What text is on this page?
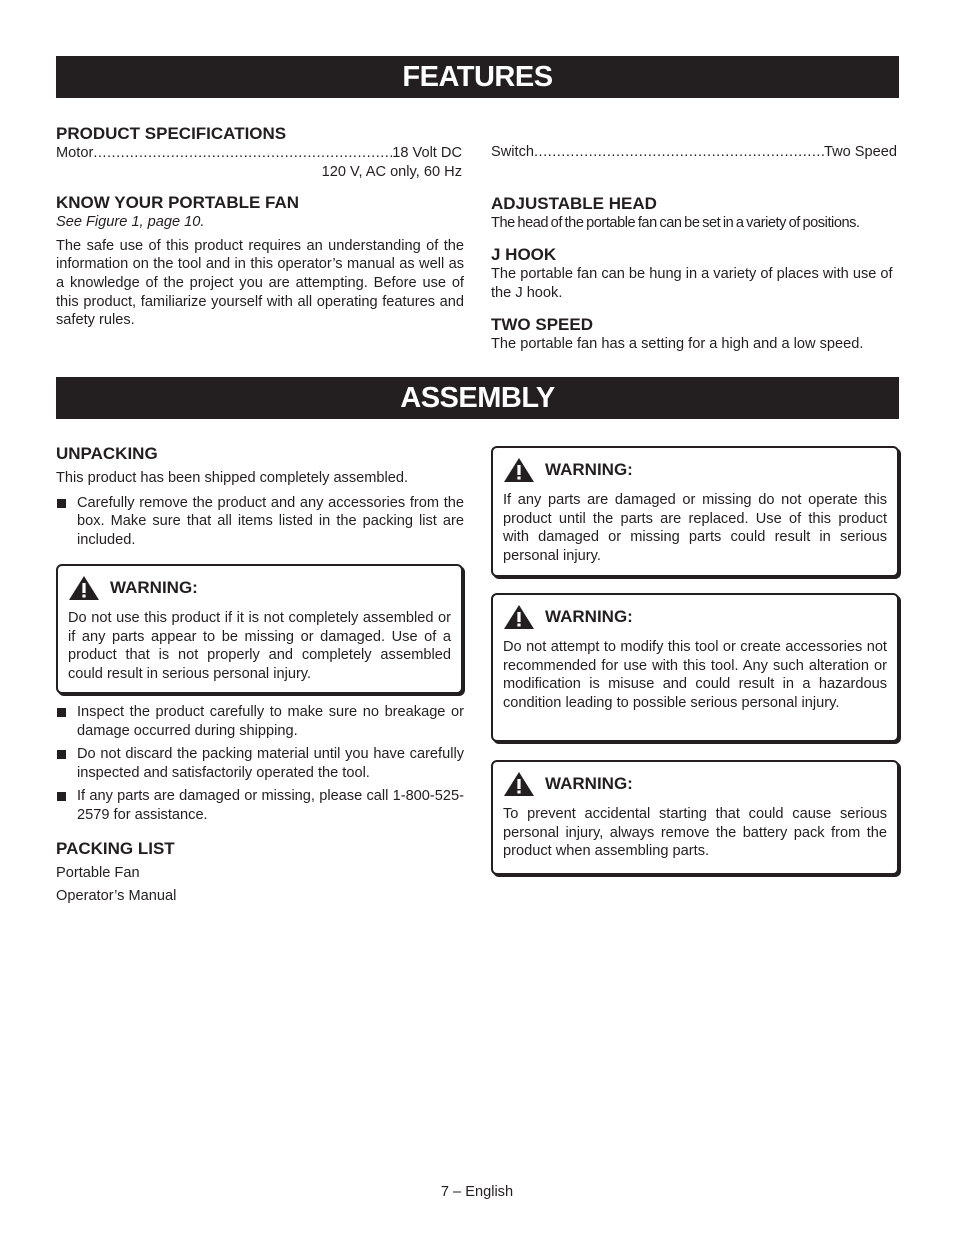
FEATURES
PRODUCT SPECIFICATIONS
Motor .....	18 Volt DC
120 V, AC only, 60 Hz
KNOW YOUR PORTABLE FAN

See Figure 1, page 10.

The safe use of this product requires an understanding of the information on the tool and in this operator’s manual as well as a knowledge of the project you are attempting. Before use of this product, familiarize yourself with all operating features and safety rules.

Switch .....	Two Speed
ADJUSTABLE HEAD

The head of the portable fan can be set in a variety of positions.

J HOOK

The portable fan can be hung in a variety of places with use of the J hook.

TWO SPEED

The portable fan has a setting for a high and a low speed.

ASSEMBLY
UNPACKING

This product has been shipped completely assembled.

Carefully remove the product and any accessories from the box. Make sure that all items listed in the packing list are included.
WARNING:
Do not use this product if it is not completely assembled or if any parts appear to be missing or damaged. Use of a product that is not properly and completely assembled could result in serious personal injury.
Inspect the product carefully to make sure no breakage or damage occurred during shipping.
Do not discard the packing material until you have carefully inspected and satisfactorily operated the tool.
If any parts are damaged or missing, please call 1-800-525-2579 for assistance.
PACKING LIST

Portable Fan

Operator’s Manual

WARNING:
If any parts are damaged or missing do not operate this product until the parts are replaced. Use of this product with damaged or missing parts could result in serious personal injury.
WARNING:
Do not attempt to modify this tool or create accessories not recommended for use with this tool. Any such alteration or modification is misuse and could result in a hazardous condition leading to possible serious personal injury.
WARNING:
To prevent accidental starting that could cause serious personal injury, always remove the battery pack from the product when assembling parts.
7 – English
